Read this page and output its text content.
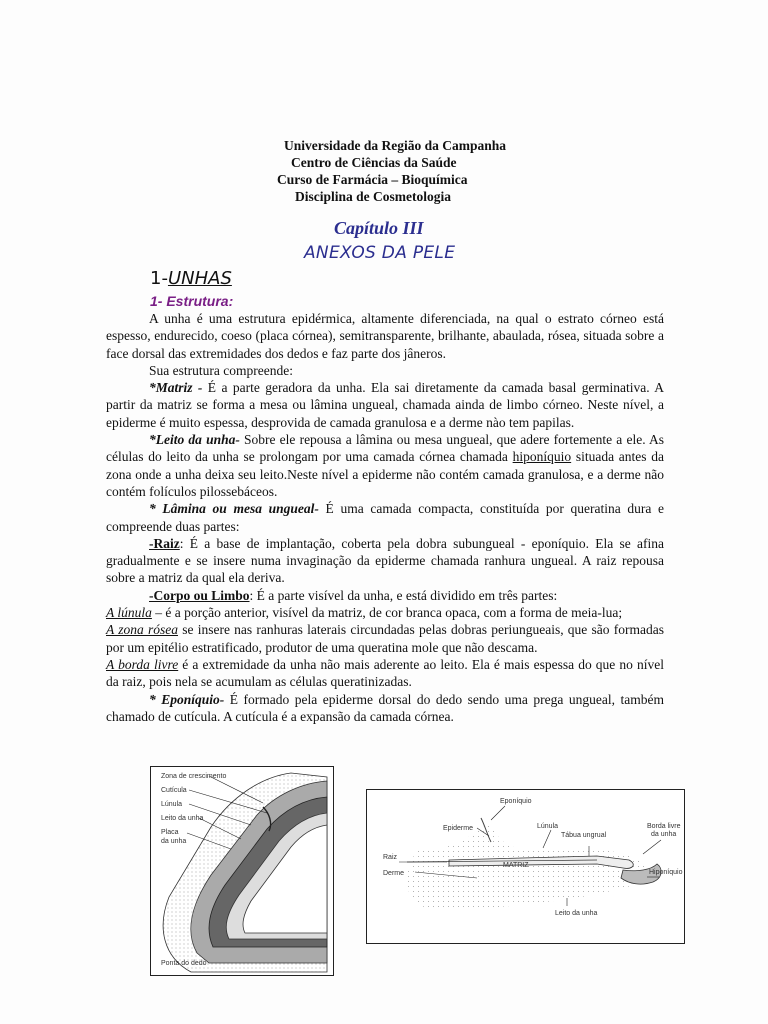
Universidade da Região da Campanha
Centro de Ciências da Saúde
Curso de Farmácia – Bioquímica
Disciplina de Cosmetologia
Capítulo III
ANEXOS DA PELE
1-UNHAS
1- Estrutura:

A unha é uma estrutura epidérmica, altamente diferenciada, na qual o estrato córneo está espesso, endurecido, coeso (placa córnea), semitransparente, brilhante, abaulada, rósea, situada sobre a face dorsal das extremidades dos dedos e faz parte dos jâneros.

Sua estrutura compreende:

*Matriz - É a parte geradora da unha. Ela sai diretamente da camada basal germinativa. A partir da matriz se forma a mesa ou lâmina ungueal, chamada ainda de limbo córneo. Neste nível, a epiderme é muito espessa, desprovida de camada granulosa e a derme nào tem papilas.

*Leito da unha- Sobre ele repousa a lâmina ou mesa ungueal, que adere fortemente a ele. As células do leito da unha se prolongam por uma camada córnea chamada hiponíquio situada antes da zona onde a unha deixa seu leito.Neste nível a epiderme não contém camada granulosa, e a derme não contém folículos pilossebáceos.

* Lâmina ou mesa ungueal- É uma camada compacta, constituída por queratina dura e compreende duas partes:

-Raiz: É a base de implantação, coberta pela dobra subungueal - eponíquio. Ela se afina gradualmente e se insere numa invaginação da epiderme chamada ranhura ungueal. A raiz repousa sobre a matriz da qual ela deriva.

-Corpo ou Limbo: É a parte visível da unha, e está dividido em três partes:

A lúnula – é a porção anterior, visível da matriz, de cor branca opaca, com a forma de meia-lua;

A zona rósea se insere nas ranhuras laterais circundadas pelas dobras periungueais, que são formadas por um epitélio estratificado, produtor de uma queratina mole que não descama.

A borda livre é a extremidade da unha não mais aderente ao leito. Ela é mais espessa do que no nível da raiz, pois nela se acumulam as células queratinizadas.

* Eponíquio- É formado pela epiderme dorsal do dedo sendo uma prega ungueal, também chamado de cutícula. A cutícula é a expansão da camada córnea.

Zona de crescimento
Cutícula
Lúnula
Leito da unha
Placa
da unha
Ponta do dedo
Eponíquio
Epiderme	Lúnula
Tábua ungrual
Borda livre
da unha
Raiz
MATRIZ
Derme	Hiponíquio
Leito da unha
